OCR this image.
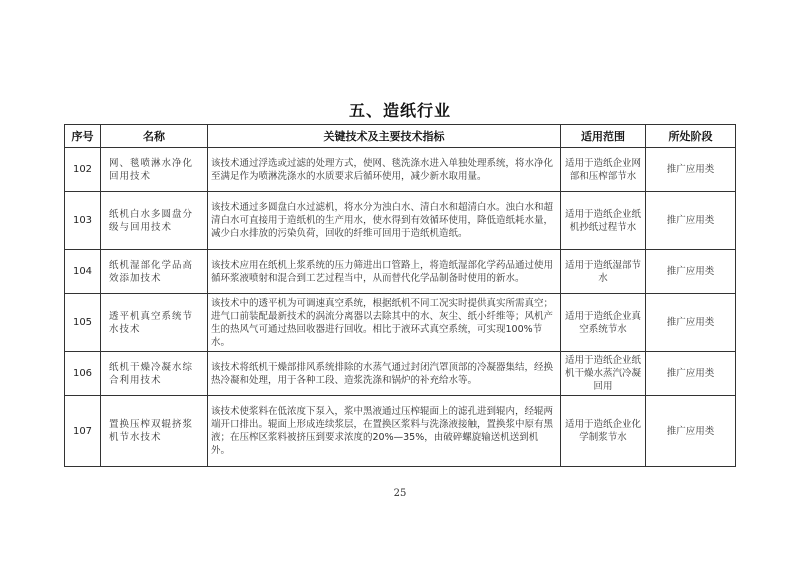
五、造纸行业
序号	名称	关键技术及主要技术指标	适用范围	所处阶段
102	网、毯喷淋水净化回用技术	该技术通过浮选或过滤的处理方式，使网、毯洗涤水进入单独处理系统，将水净化至满足作为喷淋洗涤水的水质要求后循环使用，减少新水取用量。	适用于造纸企业网部和压榨部节水	推广应用类
103	纸机白水多圆盘分级与回用技术	该技术通过多圆盘白水过滤机，将水分为浊白水、清白水和超清白水。浊白水和超清白水可直接用于造纸机的生产用水，使水得到有效循环使用，降低造纸耗水量，减少白水排放的污染负荷，回收的纤维可回用于造纸机造纸。	适用于造纸企业纸机抄纸过程节水	推广应用类
104	纸机湿部化学品高效添加技术	该技术应用在纸机上浆系统的压力筛进出口管路上，将造纸湿部化学药品通过使用循环浆液喷射和混合到工艺过程当中，从而替代化学品制备时使用的新水。	适用于造纸湿部节水	推广应用类
105	透平机真空系统节水技术	该技术中的透平机为可调速真空系统，根据纸机不同工况实时提供真实所需真空；进气口前装配最新技术的涡流分离器以去除其中的水、灰尘、纸小纤维等；风机产生的热风气可通过热回收器进行回收。相比于液环式真空系统，可实现100%节水。	适用于造纸企业真空系统节水	推广应用类
106	纸机干燥冷凝水综合利用技术	该技术将纸机干燥部排风系统排除的水蒸气通过封闭汽罩顶部的冷凝器集结，经换热冷凝和处理，用于各种工段、造浆洗涤和锅炉的补充给水等。	适用于造纸企业纸机干燥水蒸汽冷凝回用	推广应用类
107	置换压榨双辊挤浆机节水技术	该技术使浆料在低浓度下泵入，浆中黑液通过压榨辊面上的滤孔进到辊内，经辊两端开口排出。辊面上形成连续浆层，在置换区浆料与洗涤液接触，置换浆中原有黑液；在压榨区浆料被挤压到要求浓度的20%—35%，由破碎螺旋输送机送到机外。	适用于造纸企业化学制浆节水	推广应用类
25
